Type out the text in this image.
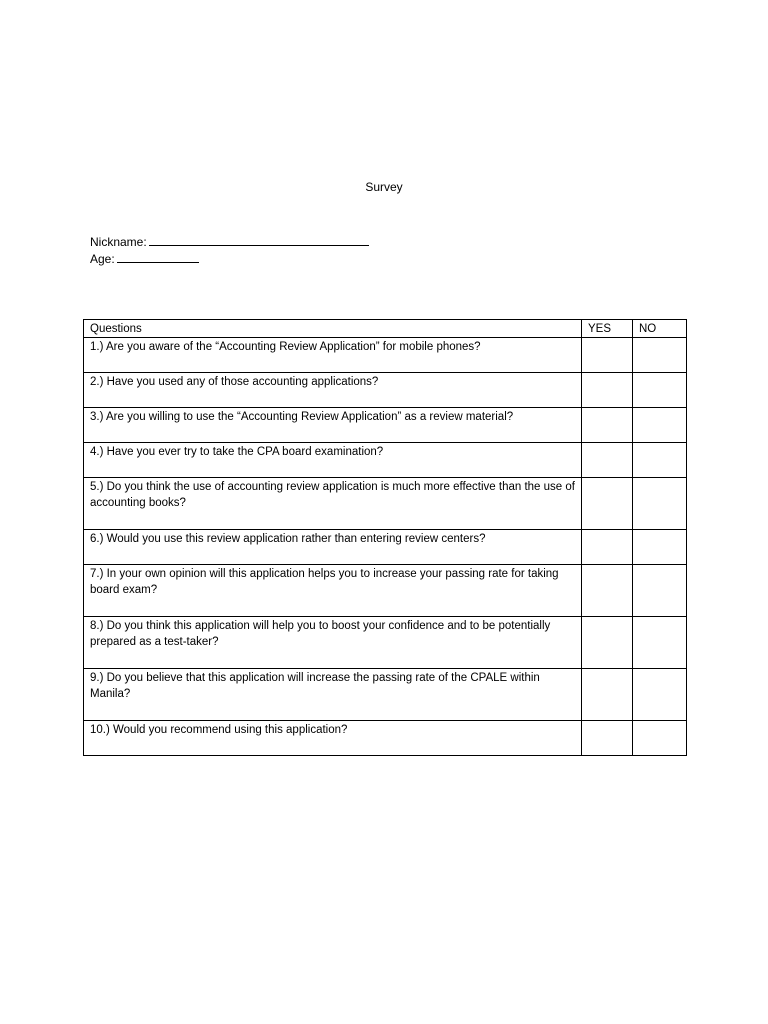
Survey
Nickname:
Age:
Questions	YES	NO
1.) Are you aware of the “Accounting Review Application” for mobile phones?		
2.) Have you used any of those accounting applications?		
3.) Are you willing to use the “Accounting Review Application” as a review material?		
4.) Have you ever try to take the CPA board examination?		
5.) Do you think the use of accounting review application is much more effective than the use of accounting books?		
6.) Would you use this review application rather than entering review centers?		
7.) In your own opinion will this application helps you to increase your passing rate for taking board exam?		
8.) Do you think this application will help you to boost your confidence and to be potentially prepared as a test-taker?		
9.) Do you believe that this application will increase the passing rate of the CPALE within Manila?		
10.) Would you recommend using this application?		
